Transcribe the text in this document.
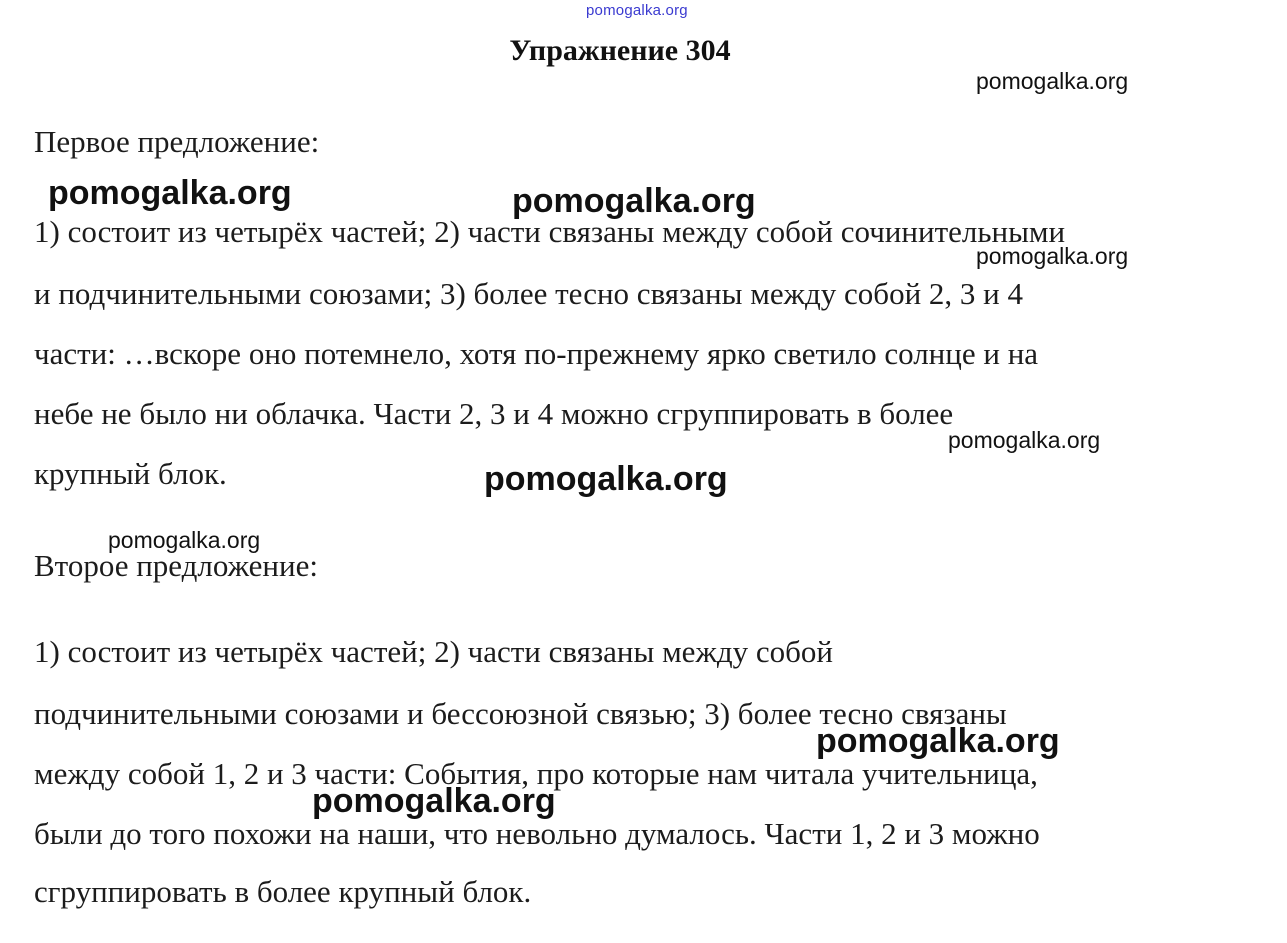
pomogalka.org
Упражнение 304
Первое предложение:
1) состоит из четырёх частей; 2) части связаны между собой сочинительными
и подчинительными союзами; 3) более тесно связаны между собой 2, 3 и 4
части: …вскоре оно потемнело, хотя по-прежнему ярко светило солнце и на
небе не было ни облачка. Части 2, 3 и 4 можно сгруппировать в более
крупный блок.
Второе предложение:
1) состоит из четырёх частей; 2) части связаны между собой
подчинительными союзами и бессоюзной связью; 3) более тесно связаны
между собой 1, 2 и 3 части: События, про которые нам читала учительница,
были до того похожи на наши, что невольно думалось. Части 1, 2 и 3 можно
сгруппировать в более крупный блок.
pomogalka.org
pomogalka.org	pomogalka.org
pomogalka.org
pomogalka.org
pomogalka.org
pomogalka.org
pomogalka.org
pomogalka.org
